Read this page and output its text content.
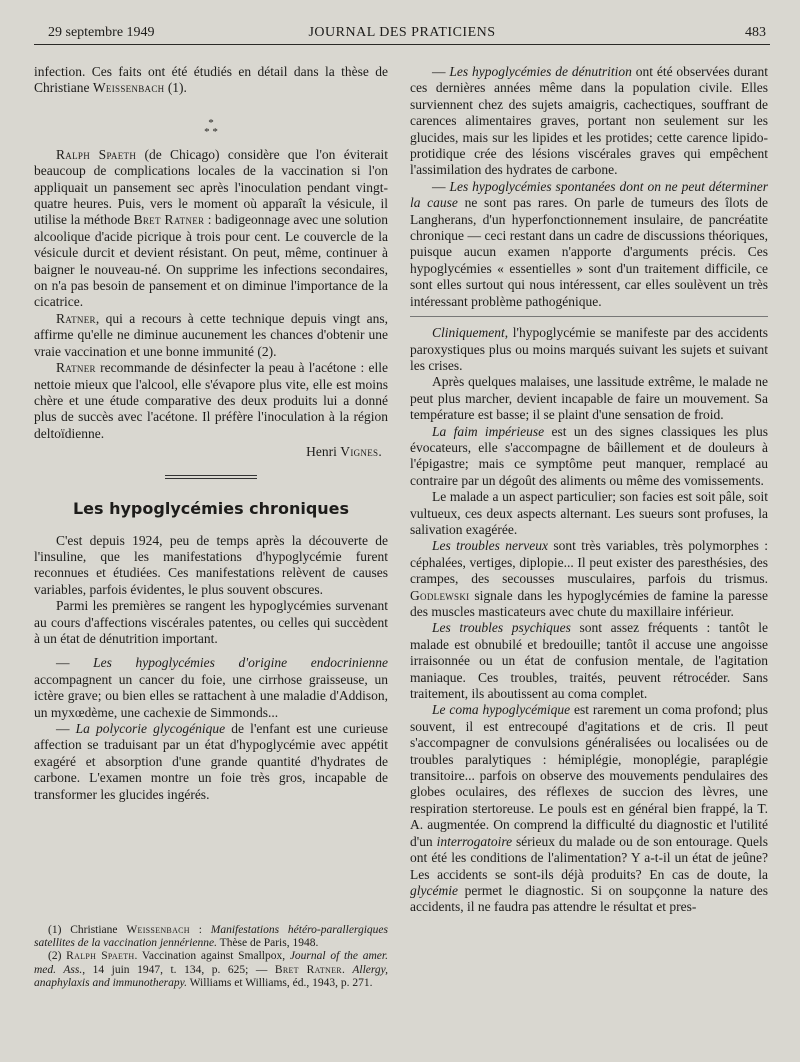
29 septembre 1949	JOURNAL DES PRATICIENS	483

infection. Ces faits ont été étudiés en détail dans la thèse de Christiane Weissenbach (1).

*
* *

Ralph Spaeth (de Chicago) considère que l'on éviterait beaucoup de complications locales de la vaccination si l'on appliquait un pansement sec après l'inoculation pendant vingt-quatre heures. Puis, vers le moment où apparaît la vésicule, il utilise la méthode Bret Ratner : badigeonnage avec une solution alcoolique d'acide picrique à trois pour cent. Le couvercle de la vésicule durcit et devient résistant. On peut, même, continuer à baigner le nouveau-né. On supprime les infections secondaires, on n'a pas besoin de pansement et on diminue l'importance de la cicatrice.

Ratner, qui a recours à cette technique depuis vingt ans, affirme qu'elle ne diminue aucunement les chances d'obtenir une vraie vaccination et une bonne immunité (2).

Ratner recommande de désinfecter la peau à l'acétone : elle nettoie mieux que l'alcool, elle s'évapore plus vite, elle est moins chère et une étude comparative des deux produits lui a donné plus de succès avec l'acétone. Il préfère l'inoculation à la région deltoïdienne.

Henri Vignes.
Les hypoglycémies chroniques

C'est depuis 1924, peu de temps après la découverte de l'insuline, que les manifestations d'hypoglycémie furent reconnues et étudiées. Ces manifestations relèvent de causes variables, parfois évidentes, le plus souvent obscures.

Parmi les premières se rangent les hypoglycémies survenant au cours d'affections viscérales patentes, ou celles qui succèdent à un état de dénutrition important.

— Les hypoglycémies d'origine endocrinienne accompagnent un cancer du foie, une cirrhose graisseuse, un ictère grave; ou bien elles se rattachent à une maladie d'Addison, un myxœdème, une cachexie de Simmonds...

— La polycorie glycogénique de l'enfant est une curieuse affection se traduisant par un état d'hypoglycémie avec appétit exagéré et absorption d'une grande quantité d'hydrates de carbone. L'examen montre un foie très gros, incapable de transformer les glucides ingérés.

(1) Christiane Weissenbach : Manifestations hétéro-parallergiques satellites de la vaccination jennérienne. Thèse de Paris, 1948.

(2) Ralph Spaeth. Vaccination against Smallpox, Journal of the amer. med. Ass., 14 juin 1947, t. 134, p. 625; — Bret Ratner. Allergy, anaphylaxis and immunotherapy. Williams et Williams, éd., 1943, p. 271.

— Les hypoglycémies de dénutrition ont été observées durant ces dernières années même dans la population civile. Elles surviennent chez des sujets amaigris, cachectiques, souffrant de carences alimentaires graves, portant non seulement sur les glucides, mais sur les lipides et les protides; cette carence lipido-protidique crée des lésions viscérales graves qui empêchent l'assimilation des hydrates de carbone.

— Les hypoglycémies spontanées dont on ne peut déterminer la cause ne sont pas rares. On parle de tumeurs des îlots de Langherans, d'un hyperfonctionnement insulaire, de pancréatite chronique — ceci restant dans un cadre de discussions théoriques, puisque aucun examen n'apporte d'arguments précis. Ces hypoglycémies « essentielles » sont d'un traitement difficile, ce sont elles surtout qui nous intéressent, car elles soulèvent un très intéressant problème pathogénique.

Cliniquement, l'hypoglycémie se manifeste par des accidents paroxystiques plus ou moins marqués suivant les sujets et suivant les crises.

Après quelques malaises, une lassitude extrême, le malade ne peut plus marcher, devient incapable de faire un mouvement. Sa température est basse; il se plaint d'une sensation de froid.

La faim impérieuse est un des signes classiques les plus évocateurs, elle s'accompagne de bâillement et de douleurs à l'épigastre; mais ce symptôme peut manquer, remplacé au contraire par un dégoût des aliments ou même des vomissements.

Le malade a un aspect particulier; son facies est soit pâle, soit vultueux, ces deux aspects alternant. Les sueurs sont profuses, la salivation exagérée.

Les troubles nerveux sont très variables, très polymorphes : céphalées, vertiges, diplopie... Il peut exister des paresthésies, des crampes, des secousses musculaires, parfois du trismus. Godlewski signale dans les hypoglycémies de famine la paresse des muscles masticateurs avec chute du maxillaire inférieur.

Les troubles psychiques sont assez fréquents : tantôt le malade est obnubilé et bredouille; tantôt il accuse une angoisse irraisonnée ou un état de confusion mentale, de l'agitation maniaque. Ces troubles, traités, peuvent rétrocéder. Sans traitement, ils aboutissent au coma complet.

Le coma hypoglycémique est rarement un coma profond; plus souvent, il est entrecoupé d'agitations et de cris. Il peut s'accompagner de convulsions généralisées ou localisées ou de troubles paralytiques : hémiplégie, monoplégie, paraplégie transitoire... parfois on observe des mouvements pendulaires des globes oculaires, des réflexes de succion des lèvres, une respiration stertoreuse. Le pouls est en général bien frappé, la T. A. augmentée. On comprend la difficulté du diagnostic et l'utilité d'un interrogatoire sérieux du malade ou de son entourage. Quels ont été les conditions de l'alimentation? Y a-t-il un état de jeûne? Les accidents se sont-ils déjà produits? En cas de doute, la glycémie permet le diagnostic. Si on soupçonne la nature des accidents, il ne faudra pas attendre le résultat et pres-
